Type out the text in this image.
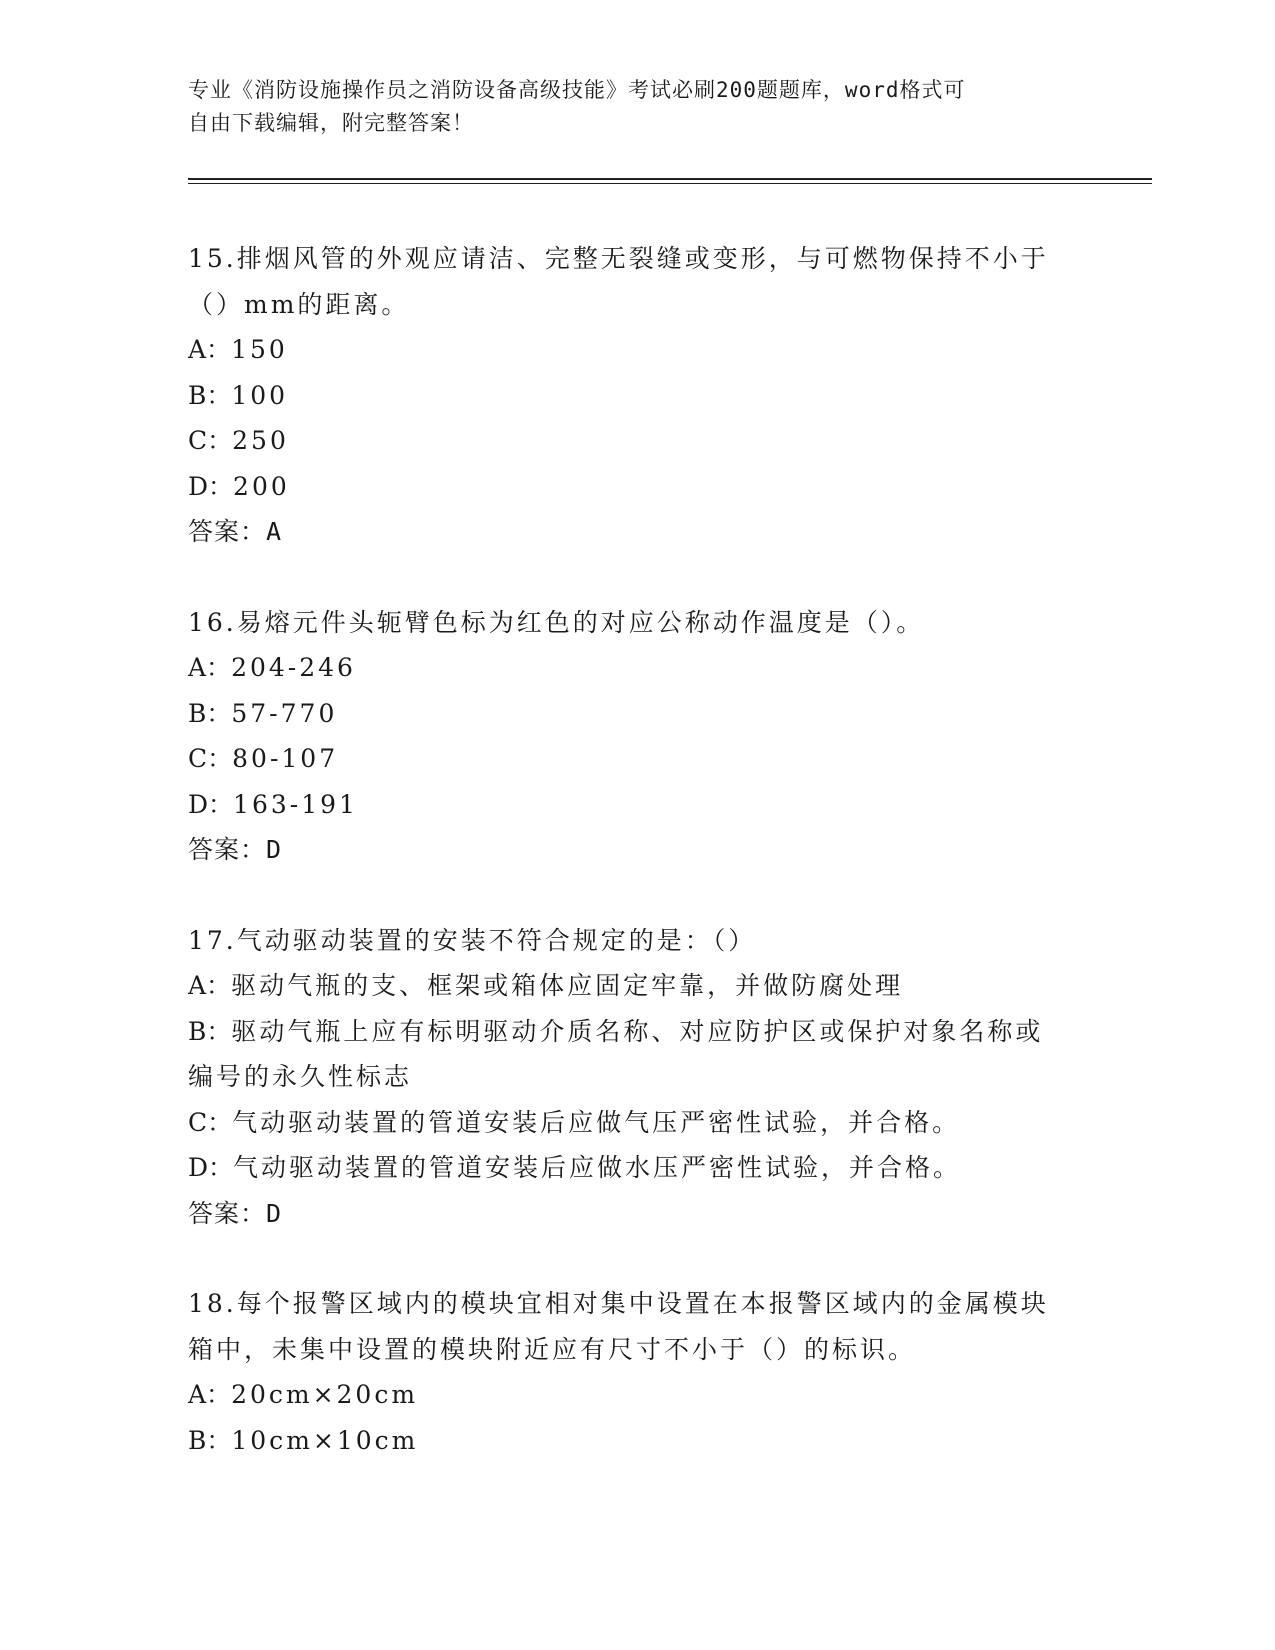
专业《消防设施操作员之消防设备高级技能》考试必刷200题题库，word格式可
自由下载编辑，附完整答案！
15.排烟风管的外观应请洁、完整无裂缝或变形，与可燃物保持不小于
（）mm的距离。
A：150
B：100
C：250
D：200
答案：A
16.易熔元件头轭臂色标为红色的对应公称动作温度是（）。
A：204-246
B：57-770
C：80-107
D：163-191
答案：D
17.气动驱动装置的安装不符合规定的是：（）
A：驱动气瓶的支、框架或箱体应固定牢靠，并做防腐处理
B：驱动气瓶上应有标明驱动介质名称、对应防护区或保护对象名称或
编号的永久性标志
C：气动驱动装置的管道安装后应做气压严密性试验，并合格。
D：气动驱动装置的管道安装后应做水压严密性试验，并合格。
答案：D
18.每个报警区域内的模块宜相对集中设置在本报警区域内的金属模块
箱中，未集中设置的模块附近应有尺寸不小于（）的标识。
A：20cm×20cm
B：10cm×10cm
